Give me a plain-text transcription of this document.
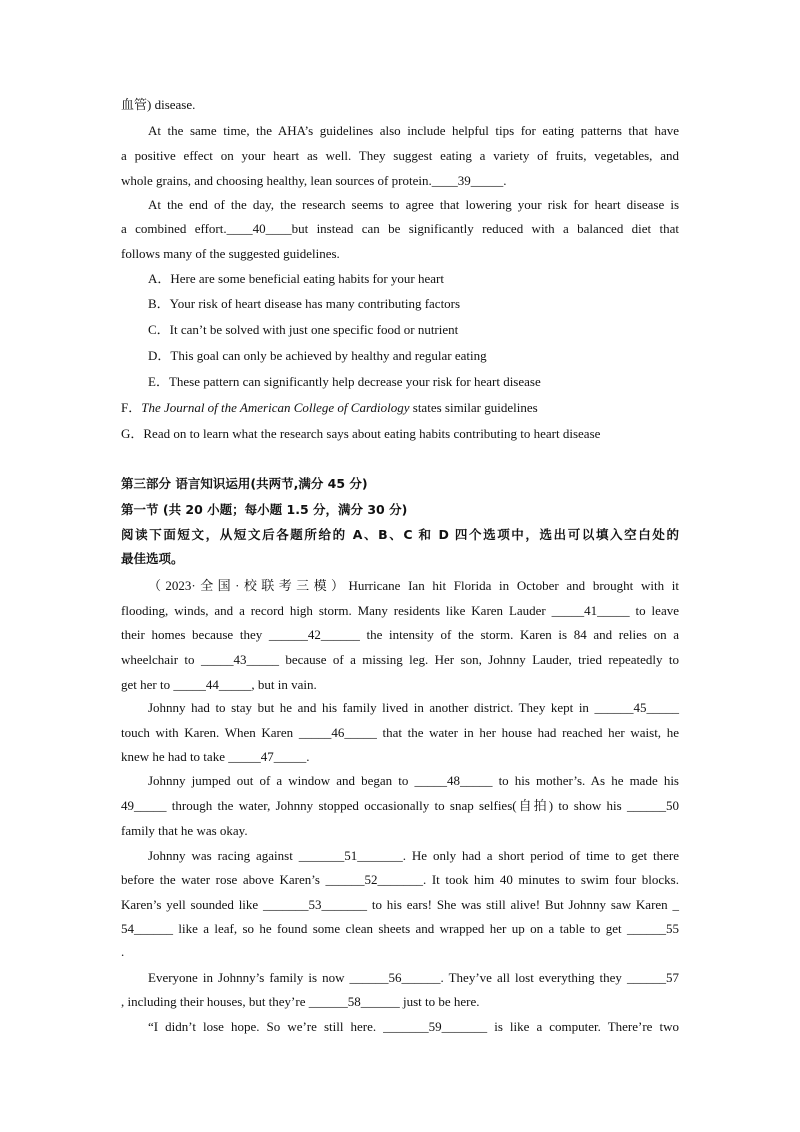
血管) disease.
At the same time, the AHA’s guidelines also include helpful tips for eating patterns that have
a positive effect on your heart as well. They suggest eating a variety of fruits, vegetables, and
whole grains, and choosing healthy, lean sources of protein.____39_____.
At the end of the day, the research seems to agree that lowering your risk for heart disease is
a combined effort.____40____but instead can be significantly reduced with a balanced diet that
follows many of the suggested guidelines.
A．Here are some beneficial eating habits for your heart
B．Your risk of heart disease has many contributing factors
C．It can’t be solved with just one specific food or nutrient
D．This goal can only be achieved by healthy and regular eating
E．These pattern can significantly help decrease your risk for heart disease
F．The Journal of the American College of Cardiology states similar guidelines
G．Read on to learn what the research says about eating habits contributing to heart disease
第三部分 语言知识运用(共两节,满分 45 分)
第一节 (共 20 小题；每小题 1.5 分，满分 30 分)
阅读下面短文，从短文后各题所给的 A、B、C 和 D 四个选项中，选出可以填入空白处的
最佳选项。
（2023·全国·校联考三模）Hurricane Ian hit Florida in October and brought with it
flooding, winds, and a record high storm. Many residents like Karen Lauder _____41_____ to leave
their homes because they ______42______ the intensity of the storm. Karen is 84 and relies on a
wheelchair to _____43_____ because of a missing leg. Her son, Johnny Lauder, tried repeatedly to
get her to _____44_____, but in vain.
Johnny had to stay but he and his family lived in another district. They kept in ______45_____
touch with Karen. When Karen _____46_____ that the water in her house had reached her waist, he
knew he had to take _____47_____.
Johnny jumped out of a window and began to _____48_____ to his mother’s. As he made his
49_____ through the water, Johnny stopped occasionally to snap selfies(自拍) to show his ______50
family that he was okay.
Johnny was racing against _______51_______. He only had a short period of time to get there
before the water rose above Karen’s ______52_______. It took him 40 minutes to swim four blocks.
Karen’s yell sounded like _______53_______ to his ears! She was still alive! But Johnny saw Karen _
54______ like a leaf, so he found some clean sheets and wrapped her up on a table to get ______55
.
Everyone in Johnny’s family is now ______56______. They’ve all lost everything they ______57
, including their houses, but they’re ______58______ just to be here.
“I didn’t lose hope. So we’re still here. _______59_______ is like a computer. There’re two
